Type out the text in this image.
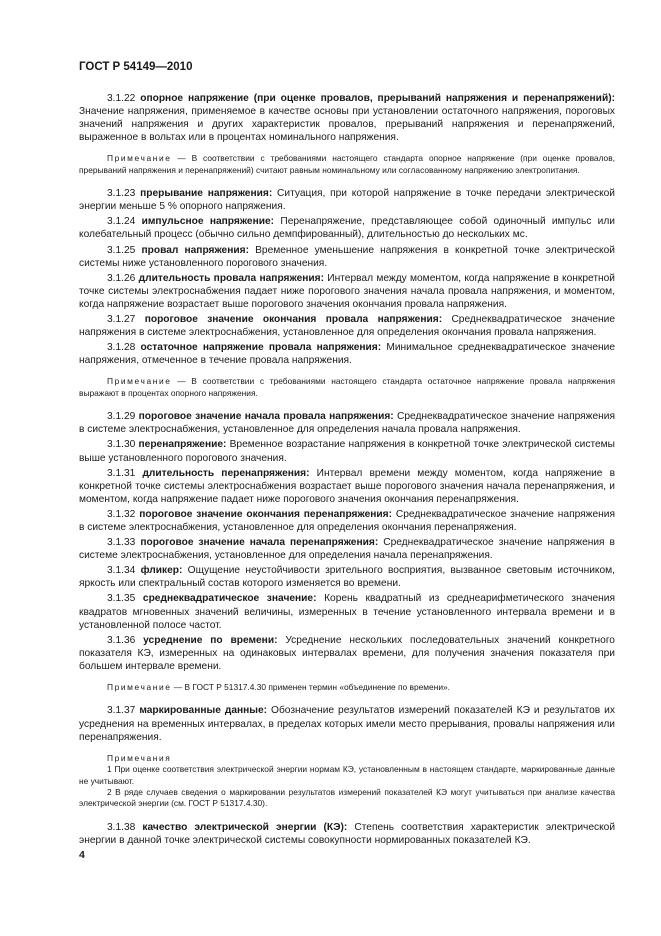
ГОСТ Р 54149—2010

3.1.22 опорное напряжение (при оценке провалов, прерываний напряжения и перенапряжений): Значение напряжения, применяемое в качестве основы при установлении остаточного напряжения, пороговых значений напряжения и других характеристик провалов, прерываний напряжения и перенапряжений, выраженное в вольтах или в процентах номинального напряжения.

Примечание — В соответствии с требованиями настоящего стандарта опорное напряжение (при оценке провалов, прерываний напряжения и перенапряжений) считают равным номинальному или согласованному напряжению электропитания.

3.1.23 прерывание напряжения: Ситуация, при которой напряжение в точке передачи электрической энергии меньше 5 % опорного напряжения.

3.1.24 импульсное напряжение: Перенапряжение, представляющее собой одиночный импульс или колебательный процесс (обычно сильно демпфированный), длительностью до нескольких мс.

3.1.25 провал напряжения: Временное уменьшение напряжения в конкретной точке электрической системы ниже установленного порогового значения.

3.1.26 длительность провала напряжения: Интервал между моментом, когда напряжение в конкретной точке системы электроснабжения падает ниже порогового значения начала провала напряжения, и моментом, когда напряжение возрастает выше порогового значения окончания провала напряжения.

3.1.27 пороговое значение окончания провала напряжения: Среднеквадратическое значение напряжения в системе электроснабжения, установленное для определения окончания провала напряжения.

3.1.28 остаточное напряжение провала напряжения: Минимальное среднеквадратическое значение напряжения, отмеченное в течение провала напряжения.

Примечание — В соответствии с требованиями настоящего стандарта остаточное напряжение провала напряжения выражают в процентах опорного напряжения.

3.1.29 пороговое значение начала провала напряжения: Среднеквадратическое значение напряжения в системе электроснабжения, установленное для определения начала провала напряжения.

3.1.30 перенапряжение: Временное возрастание напряжения в конкретной точке электрической системы выше установленного порогового значения.

3.1.31 длительность перенапряжения: Интервал времени между моментом, когда напряжение в конкретной точке системы электроснабжения возрастает выше порогового значения начала перенапряжения, и моментом, когда напряжение падает ниже порогового значения окончания перенапряжения.

3.1.32 пороговое значение окончания перенапряжения: Среднеквадратическое значение напряжения в системе электроснабжения, установленное для определения окончания перенапряжения.

3.1.33 пороговое значение начала перенапряжения: Среднеквадратическое значение напряжения в системе электроснабжения, установленное для определения начала перенапряжения.

3.1.34 фликер: Ощущение неустойчивости зрительного восприятия, вызванное световым источником, яркость или спектральный состав которого изменяется во времени.

3.1.35 среднеквадратическое значение: Корень квадратный из среднеарифметического значения квадратов мгновенных значений величины, измеренных в течение установленного интервала времени и в установленной полосе частот.

3.1.36 усреднение по времени: Усреднение нескольких последовательных значений конкретного показателя КЭ, измеренных на одинаковых интервалах времени, для получения значения показателя при большем интервале времени.

Примечание — В ГОСТ Р 51317.4.30 применен термин «объединение по времени».

3.1.37 маркированные данные: Обозначение результатов измерений показателей КЭ и результатов их усреднения на временных интервалах, в пределах которых имели место прерывания, провалы напряжения или перенапряжения.

Примечания

1 При оценке соответствия электрической энергии нормам КЭ, установленным в настоящем стандарте, маркированные данные не учитывают.

2 В ряде случаев сведения о маркировании результатов измерений показателей КЭ могут учитываться при анализе качества электрической энергии (см. ГОСТ Р 51317.4.30).

3.1.38 качество электрической энергии (КЭ): Степень соответствия характеристик электрической энергии в данной точке электрической системы совокупности нормированных показателей КЭ.

4
